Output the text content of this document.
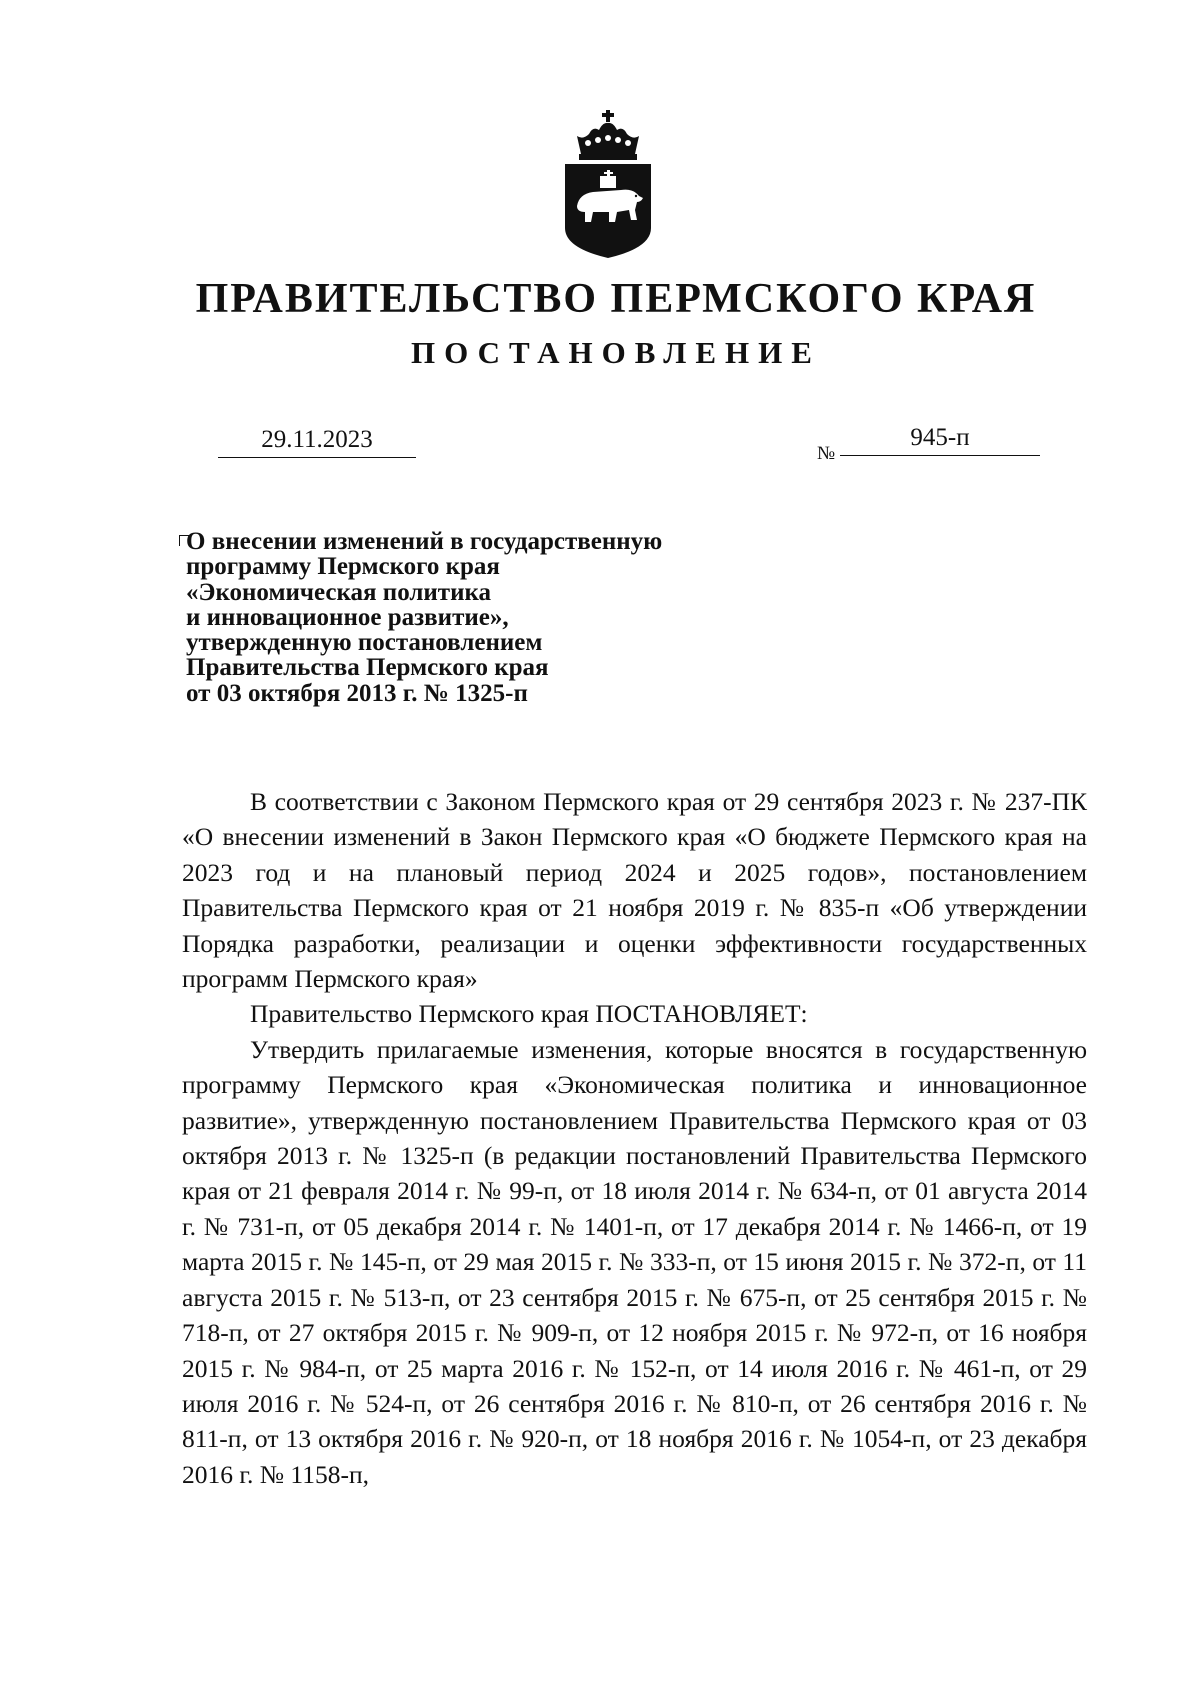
ПРАВИТЕЛЬСТВО ПЕРМСКОГО КРАЯ
ПОСТАНОВЛЕНИЕ
29.11.2023
№
945-п
О внесении изменений в государственную
программу Пермского края
«Экономическая политика
и инновационное развитие»,
утвержденную постановлением
Правительства Пермского края
от 03 октября 2013 г. № 1325-п

В соответствии с Законом Пермского края от 29 сентября 2023 г. № 237-ПК «О внесении изменений в Закон Пермского края «О бюджете Пермского края на 2023 год и на плановый период 2024 и 2025 годов», постановлением Правительства Пермского края от 21 ноября 2019 г. № 835-п «Об утверждении Порядка разработки, реализации и оценки эффективности государственных программ Пермского края»

Правительство Пермского края ПОСТАНОВЛЯЕТ:

Утвердить прилагаемые изменения, которые вносятся в государственную программу Пермского края «Экономическая политика и инновационное развитие», утвержденную постановлением Правительства Пермского края от 03 октября 2013 г. № 1325-п (в редакции постановлений Правительства Пермского края от 21 февраля 2014 г. № 99-п, от 18 июля 2014 г. № 634-п, от 01 августа 2014 г. № 731-п, от 05 декабря 2014 г. № 1401-п, от 17 декабря 2014 г. № 1466-п, от 19 марта 2015 г. № 145-п, от 29 мая 2015 г. № 333-п, от 15 июня 2015 г. № 372-п, от 11 августа 2015 г. № 513-п, от 23 сентября 2015 г. № 675-п, от 25 сентября 2015 г. № 718-п, от 27 октября 2015 г. № 909-п, от 12 ноября 2015 г. № 972-п, от 16 ноября 2015 г. № 984-п, от 25 марта 2016 г. № 152-п, от 14 июля 2016 г. № 461-п, от 29 июля 2016 г. № 524-п, от 26 сентября 2016 г. № 810-п, от 26 сентября 2016 г. № 811-п, от 13 октября 2016 г. № 920-п, от 18 ноября 2016 г. № 1054-п, от 23 декабря 2016 г. № 1158-п,
